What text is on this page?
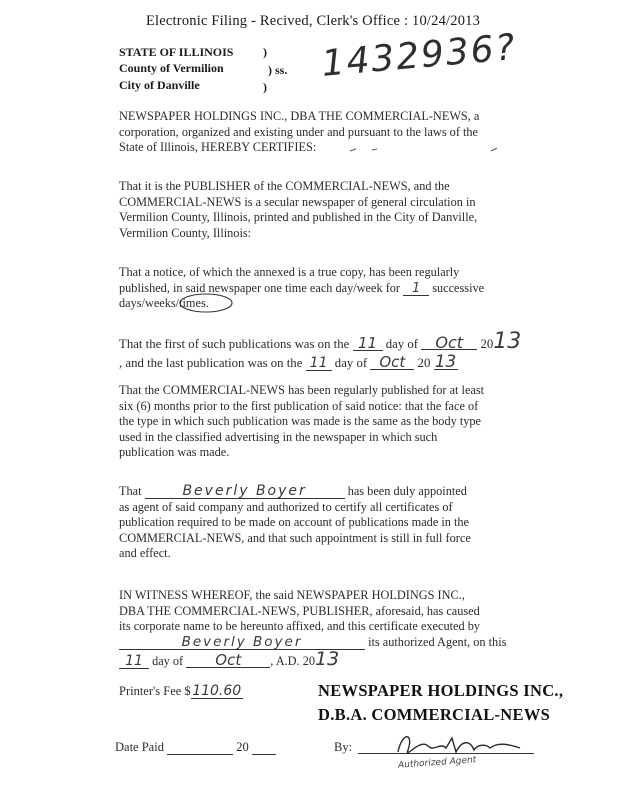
Electronic Filing - Recived, Clerk's Office : 10/24/2013
STATE OF ILLINOIS
County of Vermilion
City of Danville
)
) ss.
)
1432936?
NEWSPAPER HOLDINGS INC., DBA THE COMMERCIAL-NEWS, a
corporation, organized and existing under and pursuant to the laws of the
State of Illinois, HEREBY CERTIFIES:
That it is the PUBLISHER of the COMMERCIAL-NEWS, and the
COMMERCIAL-NEWS is a secular newspaper of general circulation in
Vermilion County, Illinois, printed and published in the City of Danville,
Vermilion County, Illinois:
That a notice, of which the annexed is a true copy, has been regularly
published, in said newspaper one time each day/week for 1 successive
days/weeks/times.
That the first of such publications was on the 11 day of Oct 2013
, and the last publication was on the 11 day of Oct 20 13
That the COMMERCIAL-NEWS has been regularly published for at least
six (6) months prior to the first publication of said notice: that the face of
the type in which such publication was made is the same as the body type
used in the classified advertising in the newspaper in which such
publication was made.
That	Beverly Boyer	has been duly appointed
as agent of said company and authorized to certify all certificates of
publication required to be made on account of publications made in the
COMMERCIAL-NEWS, and that such appointment is still in full force
and effect.
IN WITNESS WHEREOF, the said NEWSPAPER HOLDINGS INC.,
DBA THE COMMERCIAL-NEWS, PUBLISHER, aforesaid, has caused
its corporate name to be hereunto affixed, and this certificate executed by
Beverly Boyer	its authorized Agent, on this
11 day of Oct , A.D. 2013
Printer's Fee $ 110.60	NEWSPAPER HOLDINGS INC.,
D.B.A. COMMERCIAL-NEWS
Date Paid	20	By:
Authorized Agent
